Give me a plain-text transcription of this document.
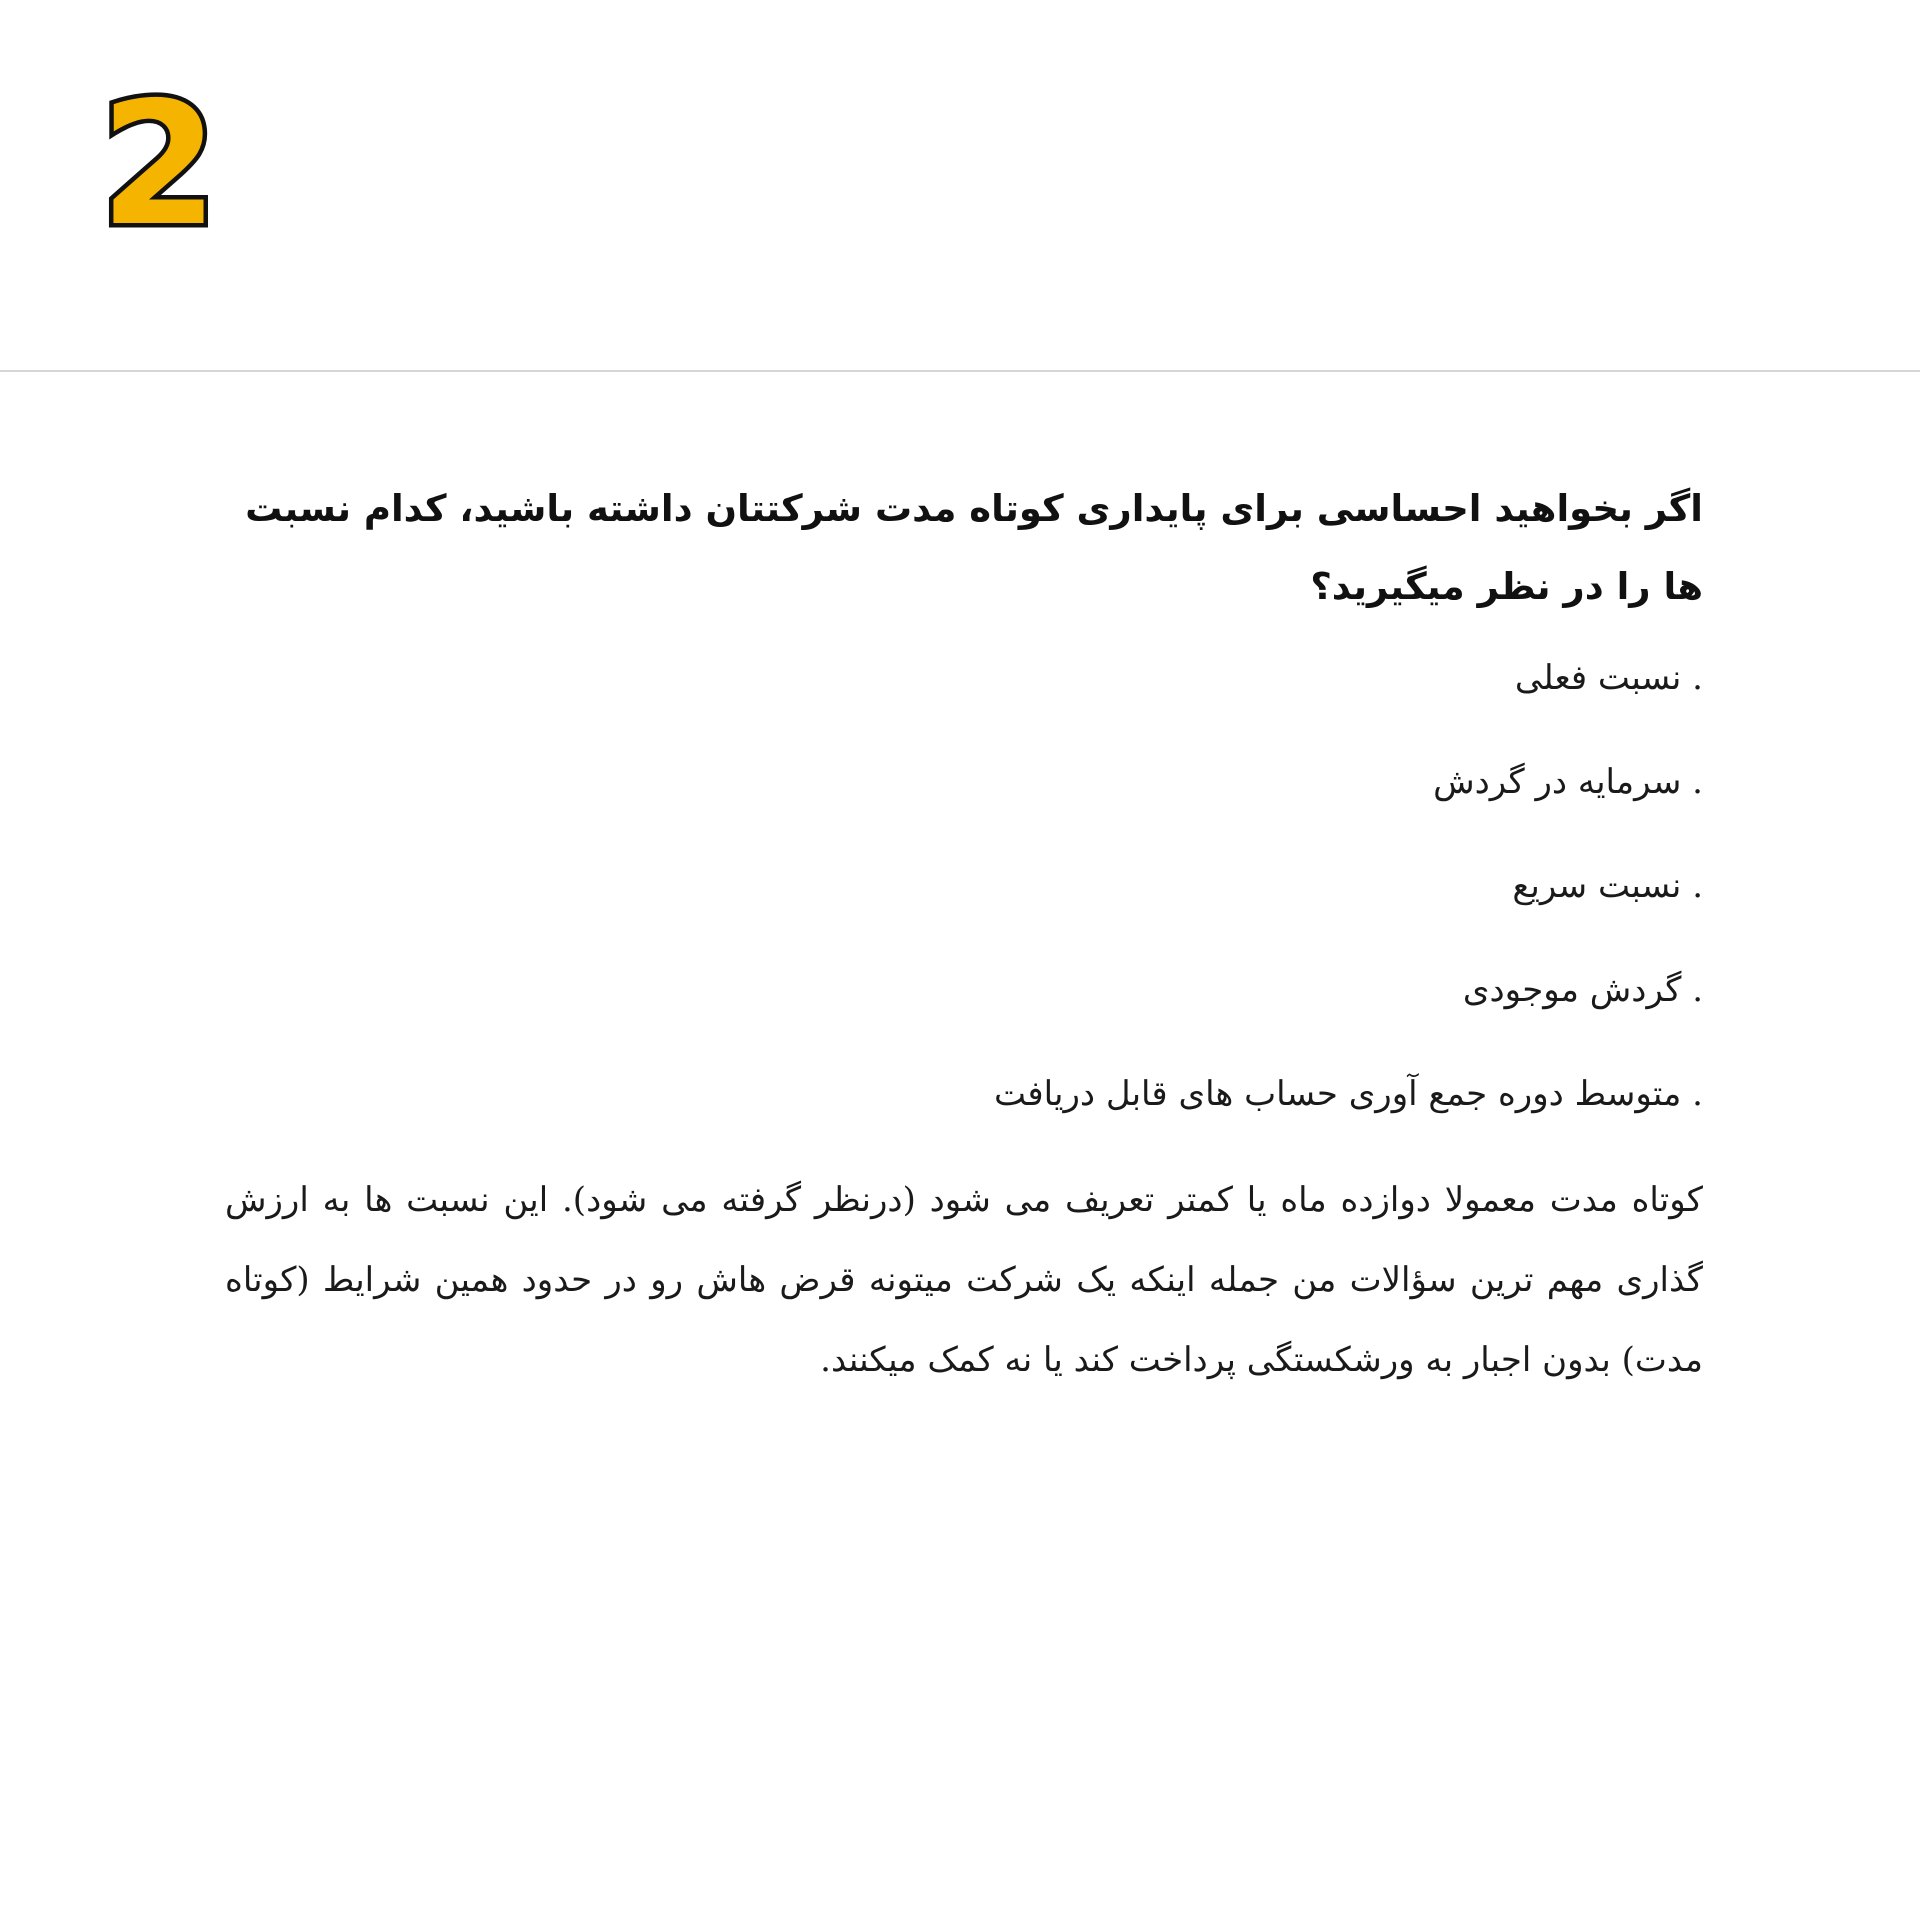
2

اگر بخواهید احساسی برای پایداری کوتاه مدت شرکتتان داشته باشید، کدام نسبت ها را در نظر میگیرید؟

. نسبت فعلی
. سرمایه در گردش
. نسبت سریع
. گردش موجودی
. متوسط دوره جمع آوری حساب های قابل دریافت

کوتاه مدت معمولا دوازده ماه یا کمتر تعریف می شود (درنظر گرفته می شود). این نسبت ها به ارزش گذاری مهم ترین سؤالات من جمله اینکه یک شرکت میتونه قرض هاش رو در حدود همین شرایط (کوتاه مدت) بدون اجبار به ورشکستگی پرداخت کند یا نه کمک میکنند.
